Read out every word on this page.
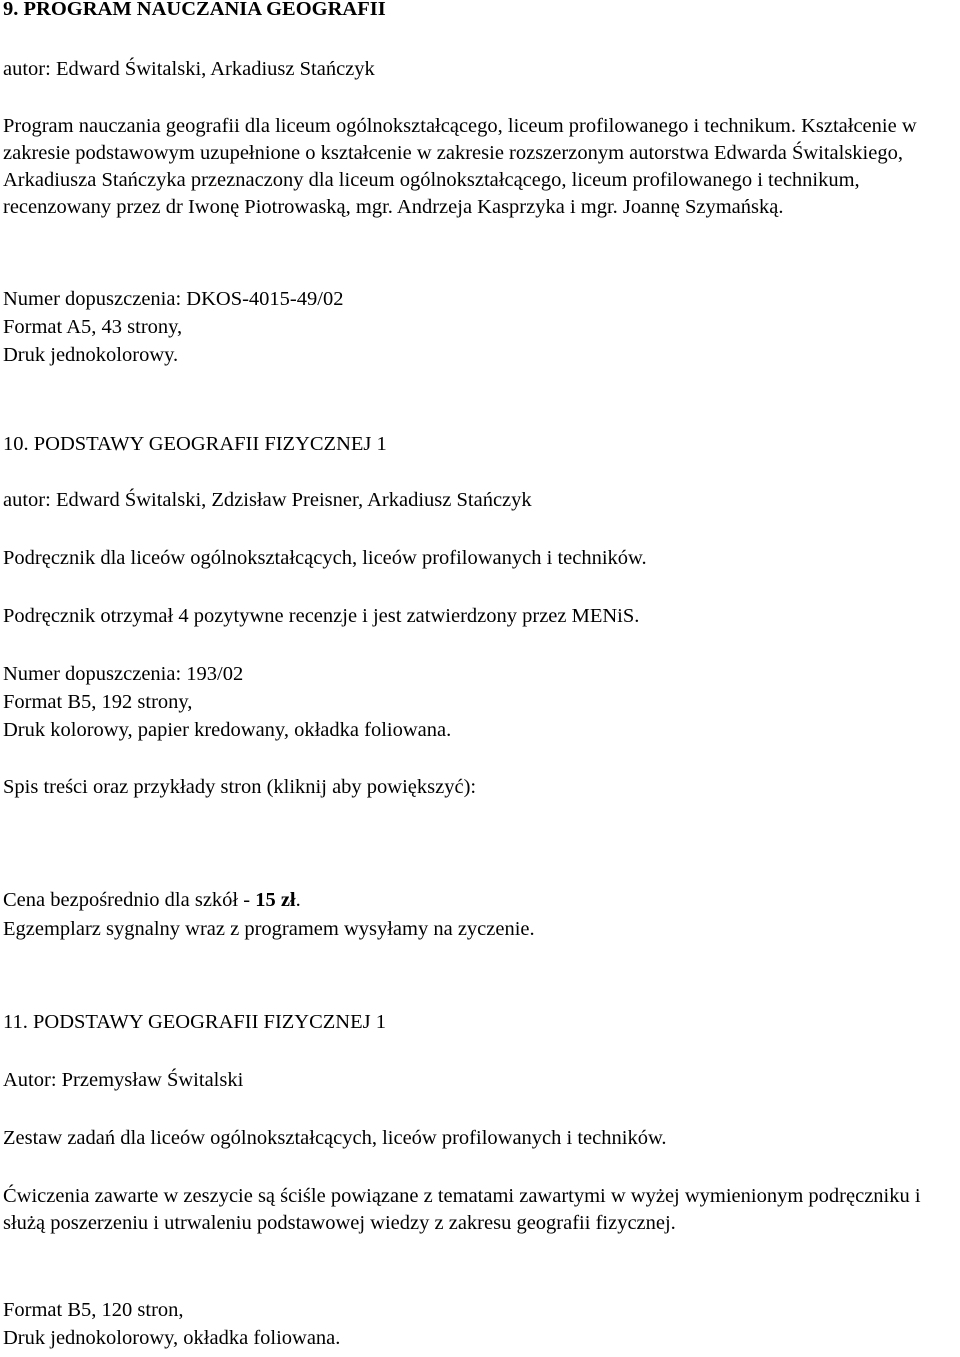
9. PROGRAM NAUCZANIA GEOGRAFII
autor: Edward Świtalski, Arkadiusz Stańczyk
Program nauczania geografii dla liceum ogólnokształcącego, liceum profilowanego i technikum. Kształcenie w zakresie podstawowym uzupełnione o kształcenie w zakresie rozszerzonym autorstwa Edwarda Świtalskiego, Arkadiusza Stańczyka przeznaczony dla liceum ogólnokształcącego, liceum profilowanego i technikum, recenzowany przez dr Iwonę Piotrowaską, mgr. Andrzeja Kasprzyka i mgr. Joannę Szymańską.
Numer dopuszczenia: DKOS-4015-49/02
Format A5, 43 strony,
Druk jednokolorowy.
10. PODSTAWY GEOGRAFII FIZYCZNEJ 1
autor: Edward Świtalski, Zdzisław Preisner, Arkadiusz Stańczyk
Podręcznik dla liceów ogólnokształcących, liceów profilowanych i techników.
Podręcznik otrzymał 4 pozytywne recenzje i jest zatwierdzony przez MENiS.
Numer dopuszczenia: 193/02
Format B5, 192 strony,
Druk kolorowy, papier kredowany, okładka foliowana.
Spis treści oraz przykłady stron (kliknij aby powiększyć):
Cena bezpośrednio dla szkół - 15 zł.
Egzemplarz sygnalny wraz z programem wysyłamy na zyczenie.
11. PODSTAWY GEOGRAFII FIZYCZNEJ 1
Autor: Przemysław Świtalski
Zestaw zadań dla liceów ogólnokształcących, liceów profilowanych i techników.
Ćwiczenia zawarte w zeszycie są ściśle powiązane z tematami zawartymi w wyżej wymienionym podręczniku i służą poszerzeniu i utrwaleniu podstawowej wiedzy z zakresu geografii fizycznej.
Format B5, 120 stron,
Druk jednokolorowy, okładka foliowana.
